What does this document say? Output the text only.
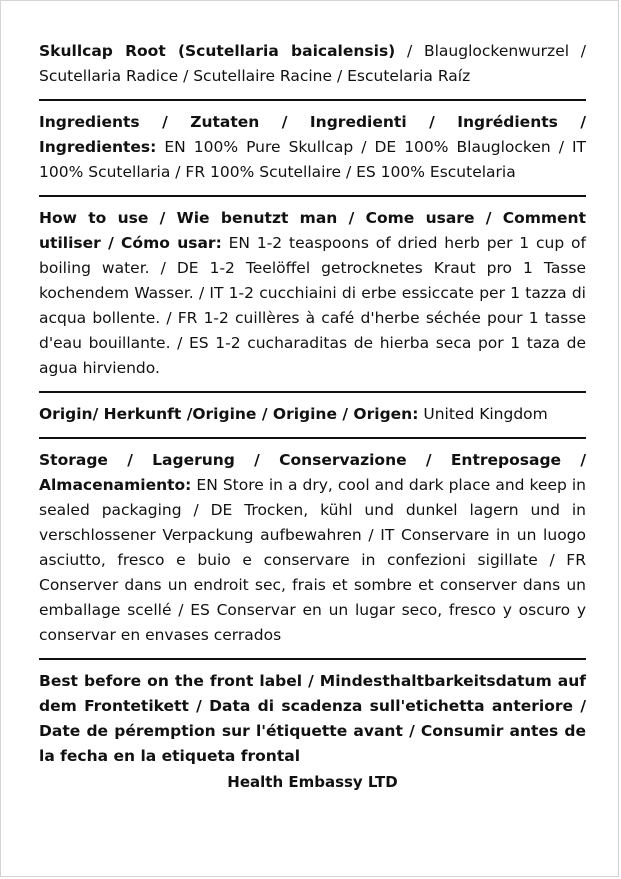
Skullcap Root (Scutellaria baicalensis) / Blauglockenwurzel / Scutellaria Radice / Scutellaire Racine / Escutelaria Raíz
Ingredients / Zutaten / Ingredienti / Ingrédients / Ingredientes: EN 100% Pure Skullcap / DE 100% Blauglocken / IT 100% Scutellaria / FR 100% Scutellaire / ES 100% Escutelaria
How to use / Wie benutzt man / Come usare / Comment utiliser / Cómo usar: EN 1-2 teaspoons of dried herb per 1 cup of boiling water. / DE 1-2 Teelöffel getrocknetes Kraut pro 1 Tasse kochendem Wasser. / IT 1-2 cucchiaini di erbe essiccate per 1 tazza di acqua bollente. / FR 1-2 cuillères à café d'herbe séchée pour 1 tasse d'eau bouillante. / ES 1-2 cucharaditas de hierba seca por 1 taza de agua hirviendo.
Origin/ Herkunft /Origine / Origine / Origen: United Kingdom
Storage / Lagerung / Conservazione / Entreposage / Almacenamiento: EN Store in a dry, cool and dark place and keep in sealed packaging / DE Trocken, kühl und dunkel lagern und in verschlossener Verpackung aufbewahren / IT Conservare in un luogo asciutto, fresco e buio e conservare in confezioni sigillate / FR Conserver dans un endroit sec, frais et sombre et conserver dans un emballage scellé / ES Conservar en un lugar seco, fresco y oscuro y conservar en envases cerrados
Best before on the front label / Mindesthaltbarkeitsdatum auf dem Frontetikett / Data di scadenza sull'etichetta anteriore / Date de péremption sur l'étiquette avant / Consumir antes de la fecha en la etiqueta frontal
Health Embassy LTD
